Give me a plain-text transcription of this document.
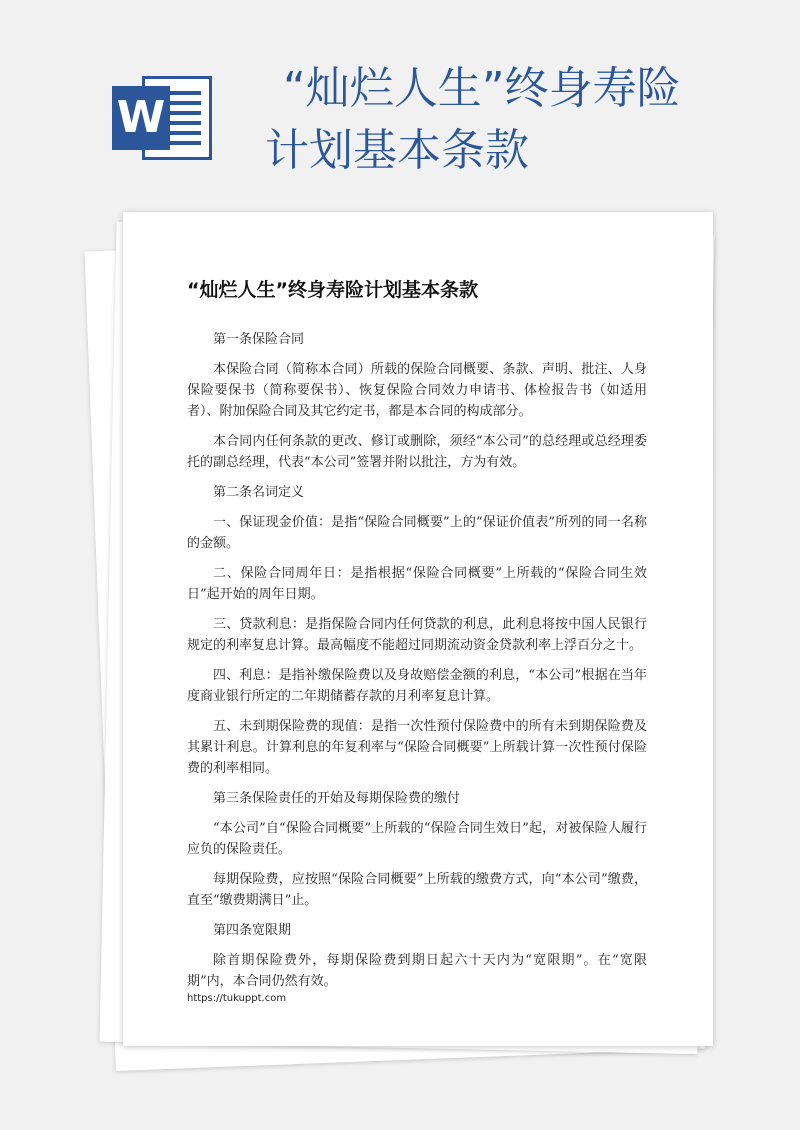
W
“灿烂人生”终身寿险
计划基本条款
“灿烂人生”终身寿险计划基本条款

第一条保险合同

本保险合同（简称本合同）所载的保险合同概要、条款、声明、批注、人身保险要保书（简称要保书）、恢复保险合同效力申请书、体检报告书（如适用者）、附加保险合同及其它约定书，都是本合同的构成部分。

本合同内任何条款的更改、修订或删除，须经“本公司”的总经理或总经理委托的副总经理，代表“本公司”签署并附以批注，方为有效。

第二条名词定义

一、保证现金价值：是指“保险合同概要”上的“保证价值表”所列的同一名称的金额。

二、保险合同周年日：是指根据“保险合同概要”上所载的“保险合同生效日”起开始的周年日期。

三、贷款利息：是指保险合同内任何贷款的利息，此利息将按中国人民银行规定的利率复息计算。最高幅度不能超过同期流动资金贷款利率上浮百分之十。

四、利息：是指补缴保险费以及身故赔偿金额的利息，“本公司”根据在当年度商业银行所定的二年期储蓄存款的月利率复息计算。

五、未到期保险费的现值：是指一次性预付保险费中的所有未到期保险费及其累计利息。计算利息的年复利率与“保险合同概要”上所载计算一次性预付保险费的利率相同。

第三条保险责任的开始及每期保险费的缴付

“本公司”自“保险合同概要”上所载的“保险合同生效日”起，对被保险人履行应负的保险责任。

每期保险费，应按照“保险合同概要”上所载的缴费方式，向“本公司”缴费，直至“缴费期满日”止。

第四条宽限期

除首期保险费外，每期保险费到期日起六十天内为“宽限期”。在“宽限期”内，本合同仍然有效。

https://tukuppt.com
